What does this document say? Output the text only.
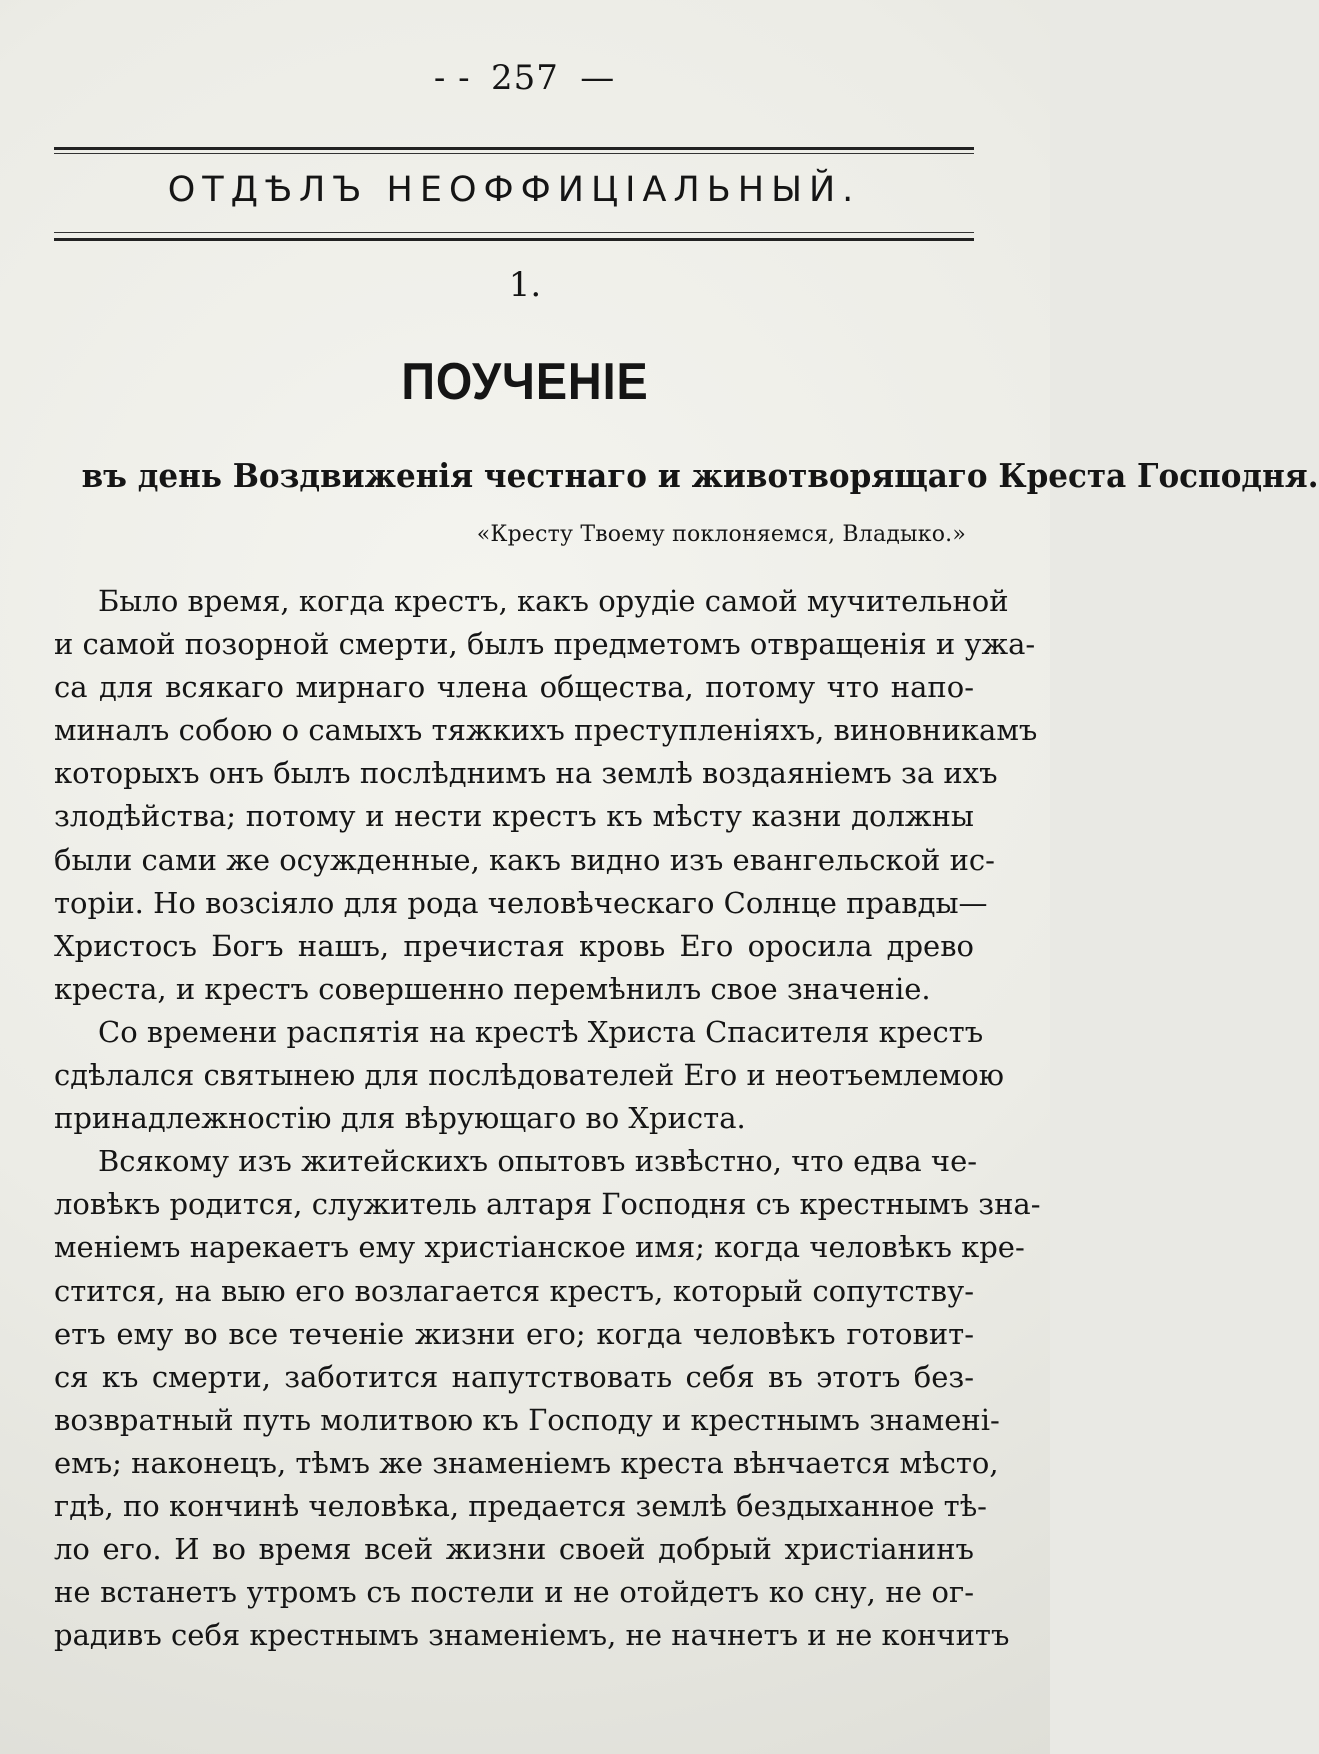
- - 257 —
ОТДѢЛЪ НЕОФФИЦІАЛЬНЫЙ.
1.
ПОУЧЕНІЕ
въ день Воздвиженія честнаго и животворящаго Креста Господня.
«Кресту Твоему поклоняемся, Владыко.»
Было время, когда крестъ, какъ орудіе самой мучительной
и самой позорной смерти, былъ предметомъ отвращенія и ужа-
са для всякаго мирнаго члена общества, потому что напо-
миналъ собою о самыхъ тяжкихъ преступленіяхъ, виновникамъ
которыхъ онъ былъ послѣднимъ на землѣ воздаяніемъ за ихъ
злодѣйства; потому и нести крестъ къ мѣсту казни должны
были сами же осужденные, какъ видно изъ евангельской ис-
торіи. Но возсіяло для рода человѣческаго Солнце правды—
Христосъ Богъ нашъ, пречистая кровь Его оросила древо
креста, и крестъ совершенно перемѣнилъ свое значеніе.
Со времени распятія на крестѣ Христа Спасителя крестъ
сдѣлался святынею для послѣдователей Его и неотъемлемою
принадлежностію для вѣрующаго во Христа.
Всякому изъ житейскихъ опытовъ извѣстно, что едва че-
ловѣкъ родится, служитель алтаря Господня съ крестнымъ зна-
меніемъ нарекаетъ ему христіанское имя; когда человѣкъ кре-
стится, на выю его возлагается крестъ, который сопутству-
етъ ему во все теченіе жизни его; когда человѣкъ готовит-
ся къ смерти, заботится напутствовать себя въ этотъ без-
возвратный путь молитвою къ Господу и крестнымъ знамені-
емъ; наконецъ, тѣмъ же знаменіемъ креста вѣнчается мѣсто,
гдѣ, по кончинѣ человѣка, предается землѣ бездыханное тѣ-
ло его. И во время всей жизни своей добрый христіанинъ
не встанетъ утромъ съ постели и не отойдетъ ко сну, не ог-
радивъ себя крестнымъ знаменіемъ, не начнетъ и не кончитъ
